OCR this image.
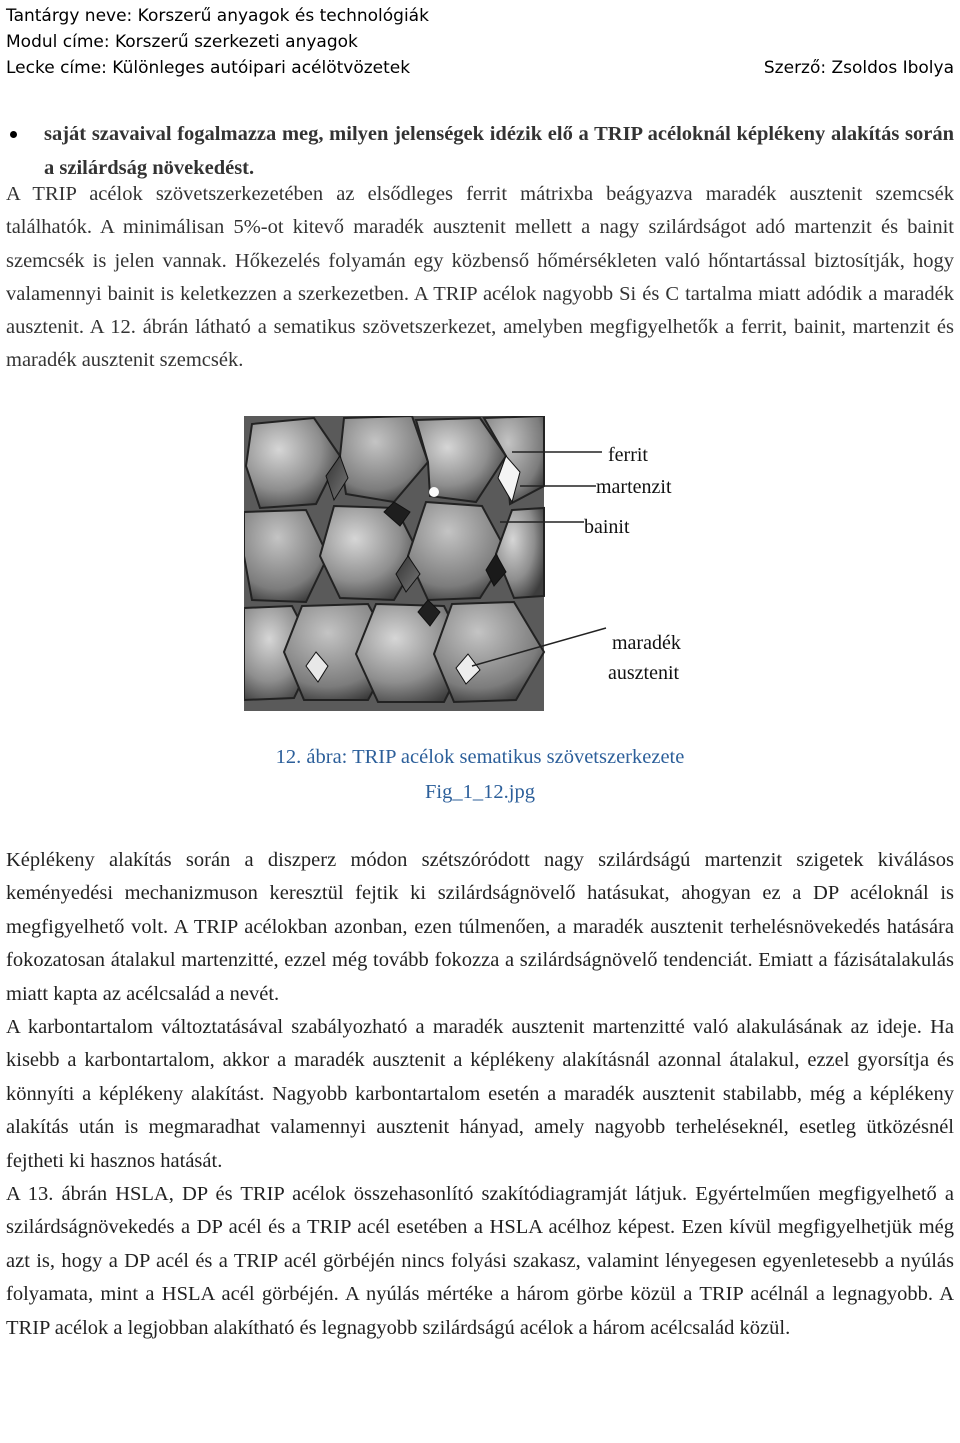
Tantárgy neve: Korszerű anyagok és technológiák
Modul címe: Korszerű szerkezeti anyagok
Lecke címe: Különleges autóipari acélötvözetek	Szerző: Zsoldos Ibolya
saját szavaival fogalmazza meg, milyen jelenségek idézik elő a TRIP acéloknál képlékeny alakítás során a szilárdság növekedést.

A TRIP acélok szövetszerkezetében az elsődleges ferrit mátrixba beágyazva maradék ausztenit szemcsék találhatók. A minimálisan 5%-ot kitevő maradék ausztenit mellett a nagy szilárdságot adó martenzit és bainit szemcsék is jelen vannak. Hőkezelés folyamán egy közbenső hőmérsékleten való hőntartással biztosítják, hogy valamennyi bainit is keletkezzen a szerkezetben. A TRIP acélok nagyobb Si és C tartalma miatt adódik a maradék ausztenit. A 12. ábrán látható a sematikus szövetszerkezet, amelyben megfigyelhetők a ferrit, bainit, martenzit és maradék ausztenit szemcsék.

ferrit
martenzit
bainit
maradék
ausztenit
12. ábra: TRIP acélok sematikus szövetszerkezete
Fig_1_12.jpg

Képlékeny alakítás során a diszperz módon szétszóródott nagy szilárdságú martenzit szigetek kiválásos keményedési mechanizmuson keresztül fejtik ki szilárdságnövelő hatásukat, ahogyan ez a DP acéloknál is megfigyelhető volt. A TRIP acélokban azonban, ezen túlmenően, a maradék ausztenit terhelésnövekedés hatására fokozatosan átalakul martenzitté, ezzel még tovább fokozza a szilárdságnövelő tendenciát. Emiatt a fázisátalakulás miatt kapta az acélcsalád a nevét.

A karbontartalom változtatásával szabályozható a maradék ausztenit martenzitté való alakulásának az ideje. Ha kisebb a karbontartalom, akkor a maradék ausztenit a képlékeny alakításnál azonnal átalakul, ezzel gyorsítja és könnyíti a képlékeny alakítást. Nagyobb karbontartalom esetén a maradék ausztenit stabilabb, még a képlékeny alakítás után is megmaradhat valamennyi ausztenit hányad, amely nagyobb terheléseknél, esetleg ütközésnél fejtheti ki hasznos hatását.

A 13. ábrán HSLA, DP és TRIP acélok összehasonlító szakítódiagramját látjuk. Egyértelműen megfigyelhető a szilárdságnövekedés a DP acél és a TRIP acél esetében a HSLA acélhoz képest. Ezen kívül megfigyelhetjük még azt is, hogy a DP acél és a TRIP acél görbéjén nincs folyási szakasz, valamint lényegesen egyenletesebb a nyúlás folyamata, mint a HSLA acél görbéjén. A nyúlás mértéke a három görbe közül a TRIP acélnál a legnagyobb. A TRIP acélok a legjobban alakítható és legnagyobb szilárdságú acélok a három acélcsalád közül.
